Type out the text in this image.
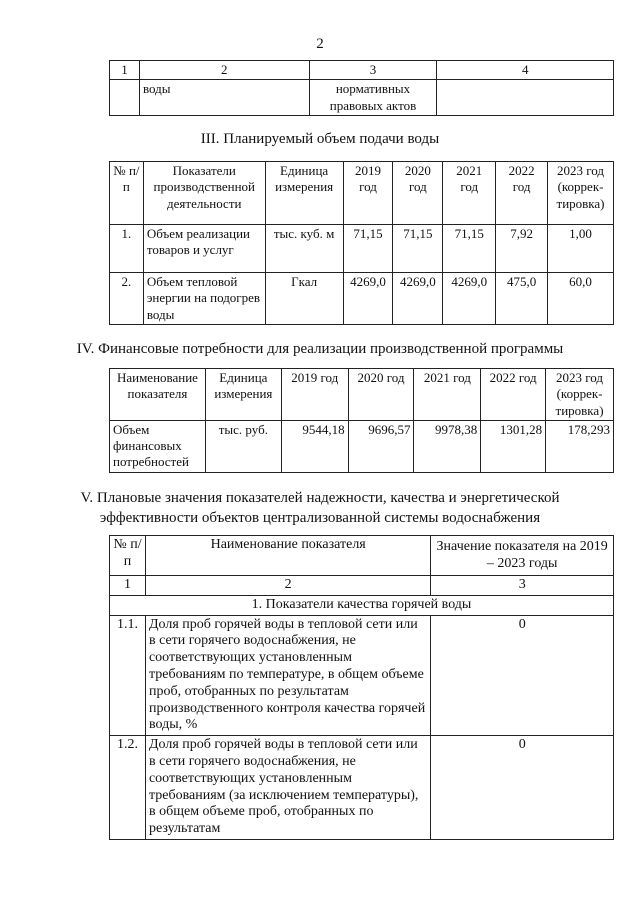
2
1	2	3	4
	воды	нормативных правовых актов	
III. Планируемый объем подачи воды
№ п/п	Показатели производственной деятельности	Единица измерения	2019 год	2020 год	2021 год	2022 год	2023 год (коррек-тировка)
1.	Объем реализации товаров и услуг	тыс. куб. м	71,15	71,15	71,15	7,92	1,00
2.	Объем тепловой энергии на подогрев воды	Гкал	4269,0	4269,0	4269,0	475,0	60,0
IV. Финансовые потребности для реализации производственной программы
Наименование показателя	Единица измерения	2019 год	2020 год	2021 год	2022 год	2023 год (коррек-тировка)
Объем финансовых потребностей	тыс. руб.	9544,18	9696,57	9978,38	1301,28	178,293
V. Плановые значения показателей надежности, качества и энергетической
эффективности объектов централизованной системы водоснабжения
№ п/п	Наименование показателя	Значение показателя на 2019 – 2023 годы
1	2	3
1. Показатели качества горячей воды		
1.1.	Доля проб горячей воды в тепловой сети или в сети горячего водоснабжения, не соответствующих установленным требованиям по температуре, в общем объеме проб, отобранных по результатам производственного контроля качества горячей воды, %	0
1.2.	Доля проб горячей воды в тепловой сети или в сети горячего водоснабжения, не соответствующих установленным требованиям (за исключением температуры), в общем объеме проб, отобранных по результатам	0
